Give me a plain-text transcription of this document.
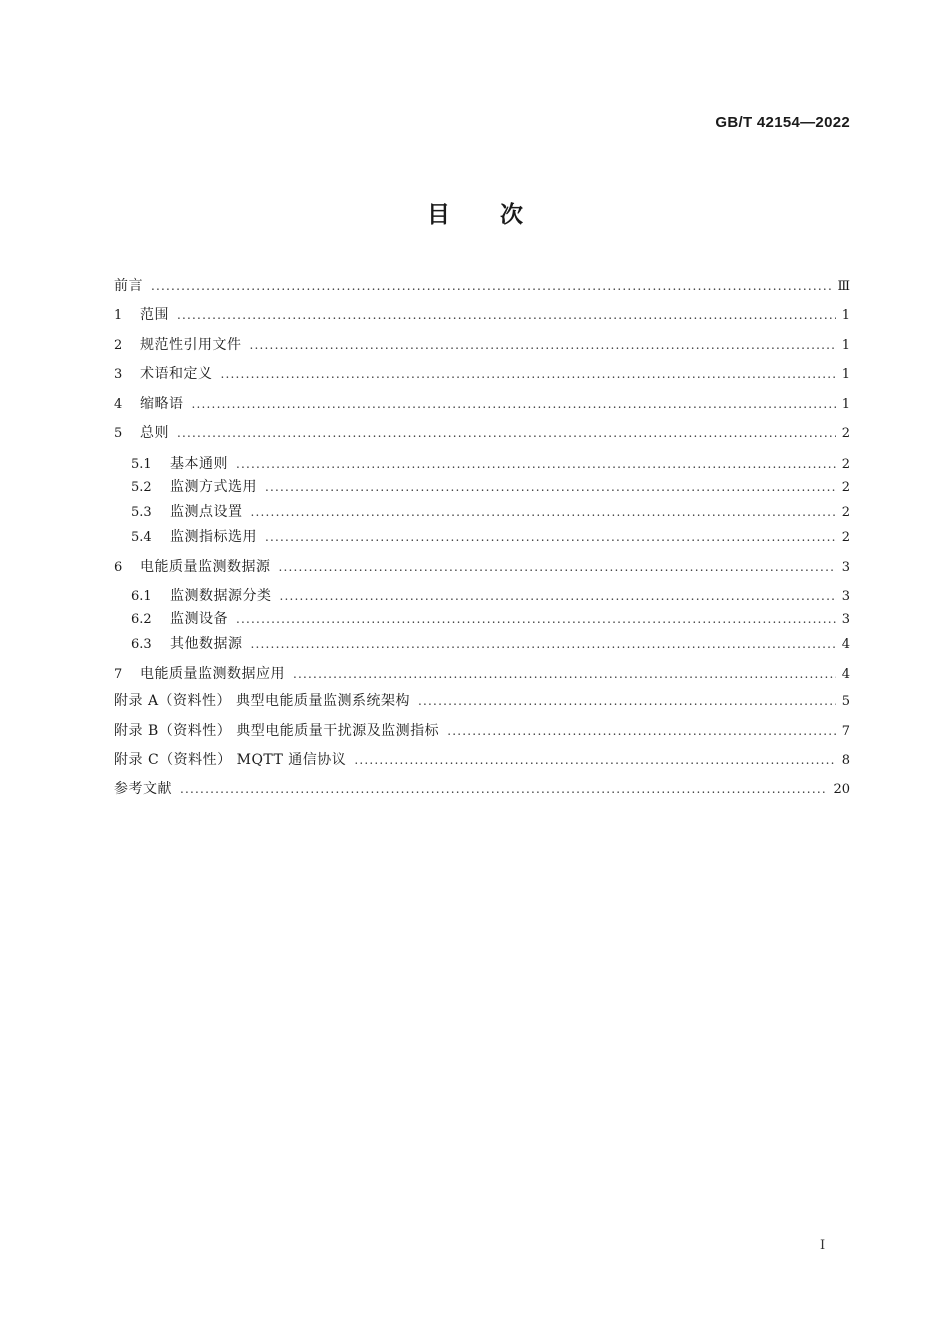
GB/T 42154—2022
目次
前言 .....	Ⅲ
1	范围 .....	1
2	规范性引用文件 .....	1
3	术语和定义 .....	1
4	缩略语 .....	1
5	总则 .....	2
5.1	基本通则 .....	2
5.2	监测方式选用 .....	2
5.3	监测点设置 .....	2
5.4	监测指标选用 .....	2
6	电能质量监测数据源 .....	3
6.1	监测数据源分类 .....	3
6.2	监测设备 .....	3
6.3	其他数据源 .....	4
7	电能质量监测数据应用 .....	4
附录 A（资料性） 典型电能质量监测系统架构 .....	5
附录 B（资料性） 典型电能质量干扰源及监测指标 .....	7
附录 C（资料性） MQTT 通信协议 .....	8
参考文献 .....	20
Ⅰ
